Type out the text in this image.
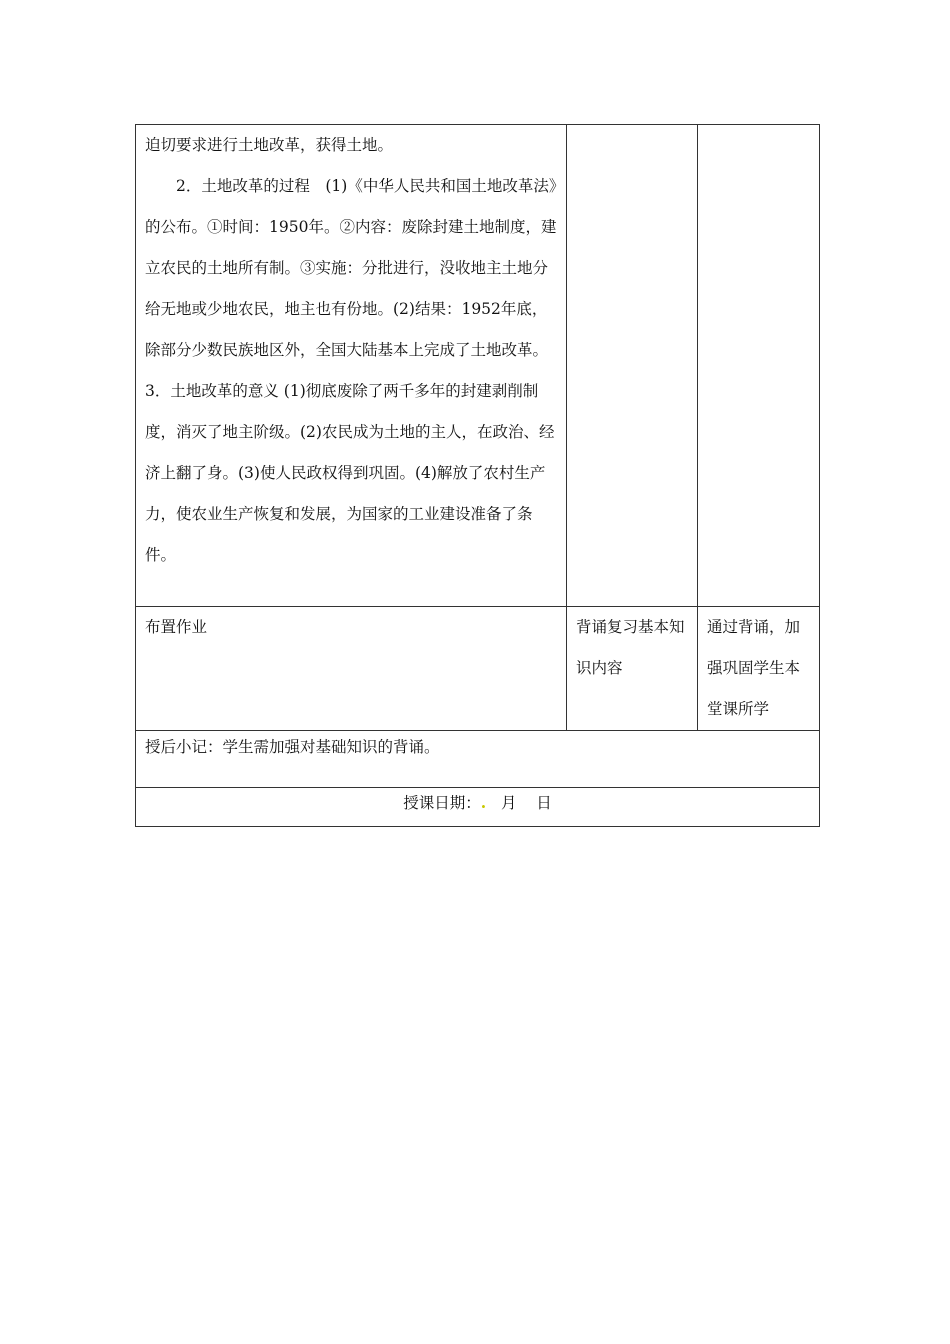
迫切要求进行土地改革，获得土地。

2．土地改革的过程　(1)《中华人民共和国土地改革法》的公布。①时间：1950年。②内容：废除封建土地制度，建立农民的土地所有制。③实施：分批进行，没收地主土地分给无地或少地农民，地主也有份地。(2)结果：1952年底，除部分少数民族地区外，全国大陆基本上完成了土地改革。

3．土地改革的意义 (1)彻底废除了两千多年的封建剥削制度，消灭了地主阶级。(2)农民成为土地的主人，在政治、经济上翻了身。(3)使人民政权得到巩固。(4)解放了农村生产力，使农业生产恢复和发展，为国家的工业建设准备了条件。		

布置作业	背诵复习基本知识内容	通过背诵，加强巩固学生本堂课所学

授后小记：学生需加强对基础知识的背诵。		

授课日期：. 月 日		
